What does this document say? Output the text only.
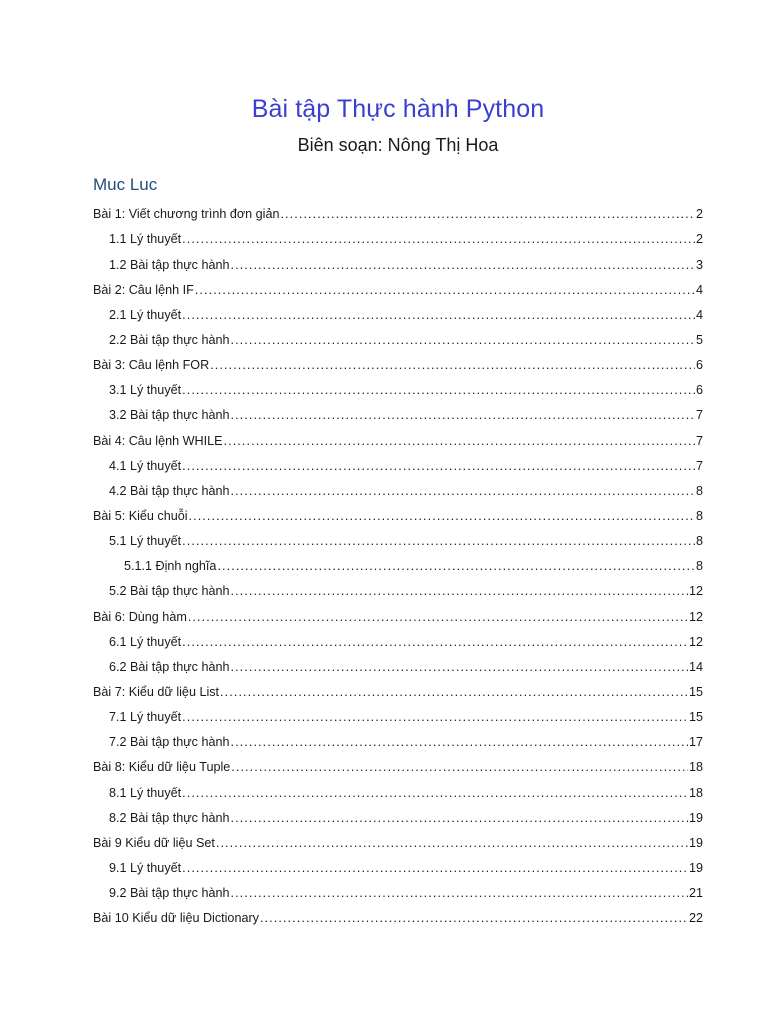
Bài tập Thực hành Python
Biên soạn: Nông Thị Hoa
Muc Luc
Bài 1: Viết chương trình đơn giản .....	2
1.1 Lý thuyết .....	2
1.2 Bài tập thực hành .....	3
Bài 2: Câu lệnh IF .....	4
2.1 Lý thuyết .....	4
2.2 Bài tập thực hành .....	5
Bài 3: Câu lệnh FOR .....	6
3.1 Lý thuyết .....	6
3.2 Bài tập thực hành .....	7
Bài 4: Câu lệnh WHILE .....	7
4.1 Lý thuyết .....	7
4.2 Bài tập thực hành .....	8
Bài 5: Kiểu chuỗi .....	8
5.1 Lý thuyết .....	8
5.1.1 Định nghĩa .....	8
5.2 Bài tập thực hành .....	12
Bài 6: Dùng hàm .....	12
6.1 Lý thuyết .....	12
6.2 Bài tập thực hành .....	14
Bài 7: Kiểu dữ liệu List .....	15
7.1 Lý thuyết .....	15
7.2 Bài tập thực hành .....	17
Bài 8: Kiểu dữ liệu Tuple .....	18
8.1 Lý thuyết .....	18
8.2 Bài tập thực hành .....	19
Bài 9 Kiểu dữ liệu Set .....	19
9.1 Lý thuyết .....	19
9.2 Bài tập thực hành .....	21
Bài 10 Kiểu dữ liệu Dictionary .....	22
